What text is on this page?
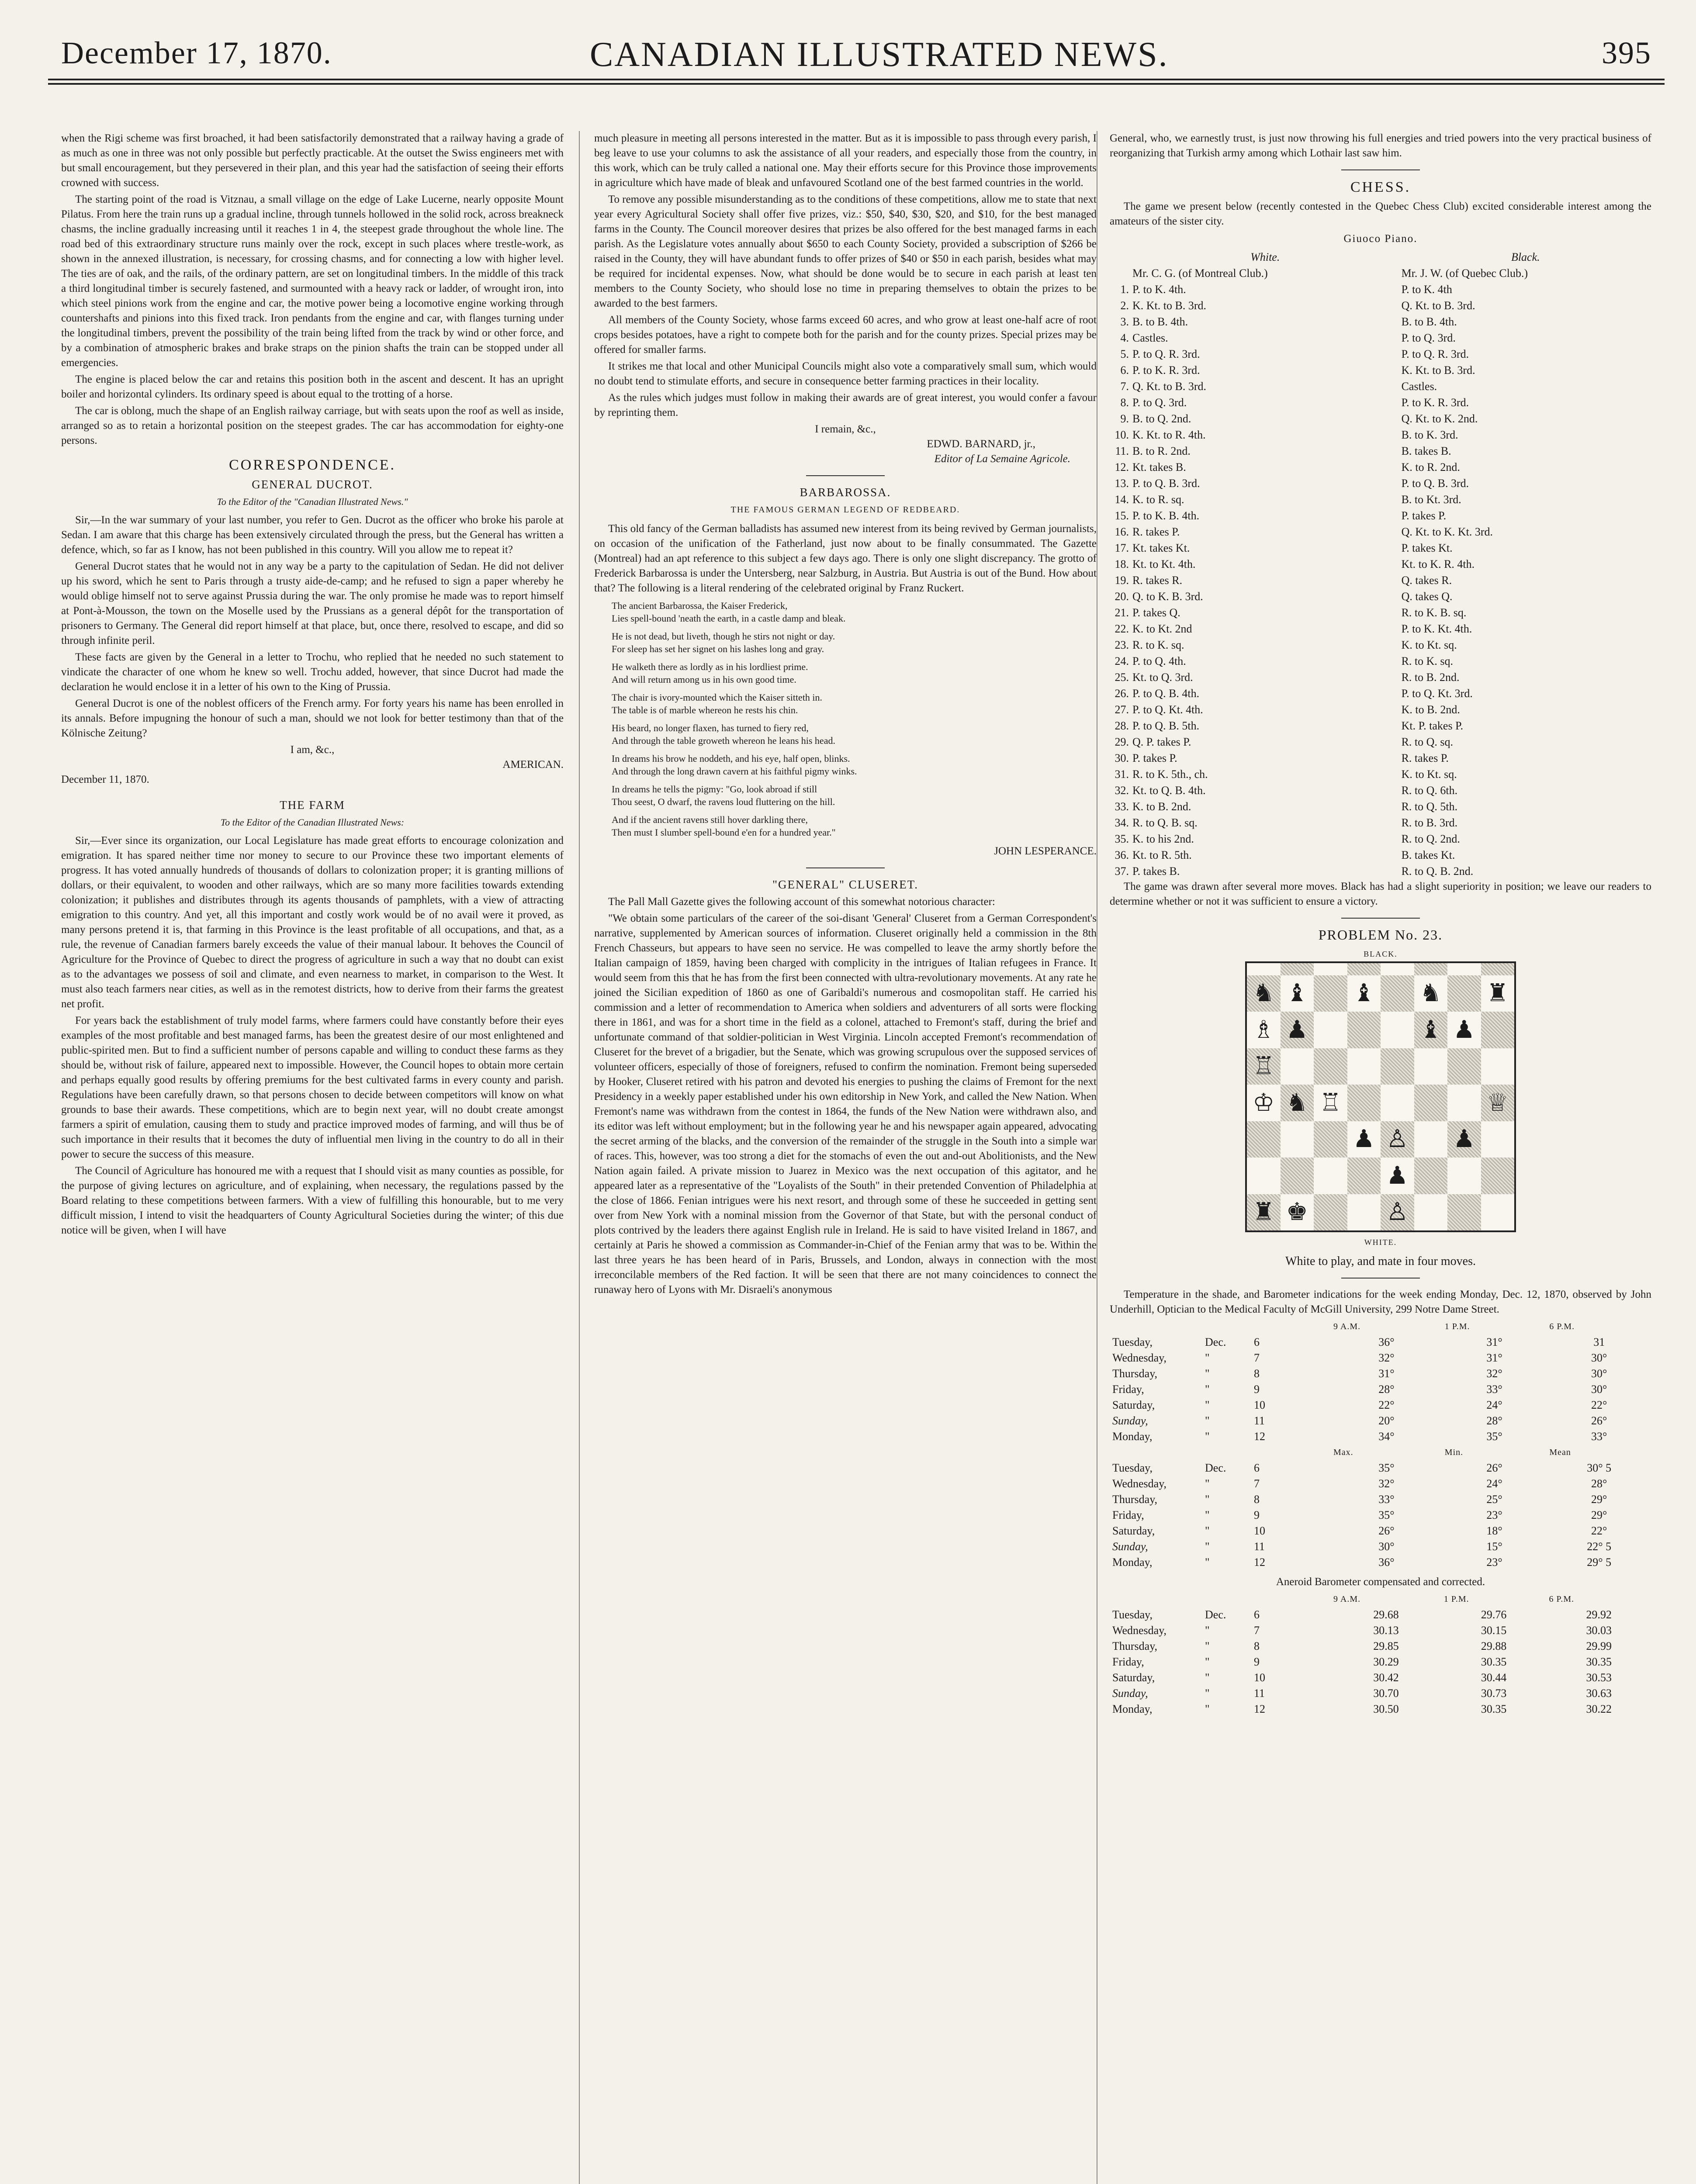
December 17, 1870.	CANADIAN ILLUSTRATED NEWS.	395

when the Rigi scheme was first broached, it had been satisfactorily demonstrated that a railway having a grade of as much as one in three was not only possible but perfectly practicable. At the outset the Swiss engineers met with but small encouragement, but they persevered in their plan, and this year had the satisfaction of seeing their efforts crowned with success.

The starting point of the road is Vitznau, a small village on the edge of Lake Lucerne, nearly opposite Mount Pilatus. From here the train runs up a gradual incline, through tunnels hollowed in the solid rock, across breakneck chasms, the incline gradually increasing until it reaches 1 in 4, the steepest grade throughout the whole line. The road bed of this extraordinary structure runs mainly over the rock, except in such places where trestle-work, as shown in the annexed illustration, is necessary, for crossing chasms, and for connecting a low with higher level. The ties are of oak, and the rails, of the ordinary pattern, are set on longitudinal timbers. In the middle of this track a third longitudinal timber is securely fastened, and surmounted with a heavy rack or ladder, of wrought iron, into which steel pinions work from the engine and car, the motive power being a locomotive engine working through countershafts and pinions into this fixed track. Iron pendants from the engine and car, with flanges turning under the longitudinal timbers, prevent the possibility of the train being lifted from the track by wind or other force, and by a combination of atmospheric brakes and brake straps on the pinion shafts the train can be stopped under all emergencies.

The engine is placed below the car and retains this position both in the ascent and descent. It has an upright boiler and horizontal cylinders. Its ordinary speed is about equal to the trotting of a horse.

The car is oblong, much the shape of an English railway carriage, but with seats upon the roof as well as inside, arranged so as to retain a horizontal position on the steepest grades. The car has accommodation for eighty-one persons.

CORRESPONDENCE.
GENERAL DUCROT.
To the Editor of the "Canadian Illustrated News."

Sir,—In the war summary of your last number, you refer to Gen. Ducrot as the officer who broke his parole at Sedan. I am aware that this charge has been extensively circulated through the press, but the General has written a defence, which, so far as I know, has not been published in this country. Will you allow me to repeat it?

General Ducrot states that he would not in any way be a party to the capitulation of Sedan. He did not deliver up his sword, which he sent to Paris through a trusty aide-de-camp; and he refused to sign a paper whereby he would oblige himself not to serve against Prussia during the war. The only promise he made was to report himself at Pont-à-Mousson, the town on the Moselle used by the Prussians as a general dépôt for the transportation of prisoners to Germany. The General did report himself at that place, but, once there, resolved to escape, and did so through infinite peril.

These facts are given by the General in a letter to Trochu, who replied that he needed no such statement to vindicate the character of one whom he knew so well. Trochu added, however, that since Ducrot had made the declaration he would enclose it in a letter of his own to the King of Prussia.

General Ducrot is one of the noblest officers of the French army. For forty years his name has been enrolled in its annals. Before impugning the honour of such a man, should we not look for better testimony than that of the Kölnische Zeitung?

I am, &c.,
AMERICAN.
December 11, 1870.
THE FARM
To the Editor of the Canadian Illustrated News:

Sir,—Ever since its organization, our Local Legislature has made great efforts to encourage colonization and emigration. It has spared neither time nor money to secure to our Province these two important elements of progress. It has voted annually hundreds of thousands of dollars to colonization proper; it is granting millions of dollars, or their equivalent, to wooden and other railways, which are so many more facilities towards extending colonization; it publishes and distributes through its agents thousands of pamphlets, with a view of attracting emigration to this country. And yet, all this important and costly work would be of no avail were it proved, as many persons pretend it is, that farming in this Province is the least profitable of all occupations, and that, as a rule, the revenue of Canadian farmers barely exceeds the value of their manual labour. It behoves the Council of Agriculture for the Province of Quebec to direct the progress of agriculture in such a way that no doubt can exist as to the advantages we possess of soil and climate, and even nearness to market, in comparison to the West. It must also teach farmers near cities, as well as in the remotest districts, how to derive from their farms the greatest net profit.

For years back the establishment of truly model farms, where farmers could have constantly before their eyes examples of the most profitable and best managed farms, has been the greatest desire of our most enlightened and public-spirited men. But to find a sufficient number of persons capable and willing to conduct these farms as they should be, without risk of failure, appeared next to impossible. However, the Council hopes to obtain more certain and perhaps equally good results by offering premiums for the best cultivated farms in every county and parish. Regulations have been carefully drawn, so that persons chosen to decide between competitors will know on what grounds to base their awards. These competitions, which are to begin next year, will no doubt create amongst farmers a spirit of emulation, causing them to study and practice improved modes of farming, and will thus be of such importance in their results that it becomes the duty of influential men living in the country to do all in their power to secure the success of this measure.

The Council of Agriculture has honoured me with a request that I should visit as many counties as possible, for the purpose of giving lectures on agriculture, and of explaining, when necessary, the regulations passed by the Board relating to these competitions between farmers. With a view of fulfilling this honourable, but to me very difficult mission, I intend to visit the headquarters of County Agricultural Societies during the winter; of this due notice will be given, when I will have

much pleasure in meeting all persons interested in the matter. But as it is impossible to pass through every parish, I beg leave to use your columns to ask the assistance of all your readers, and especially those from the country, in this work, which can be truly called a national one. May their efforts secure for this Province those improvements in agriculture which have made of bleak and unfavoured Scotland one of the best farmed countries in the world.

To remove any possible misunderstanding as to the conditions of these competitions, allow me to state that next year every Agricultural Society shall offer five prizes, viz.: $50, $40, $30, $20, and $10, for the best managed farms in the County. The Council moreover desires that prizes be also offered for the best managed farms in each parish. As the Legislature votes annually about $650 to each County Society, provided a subscription of $266 be raised in the County, they will have abundant funds to offer prizes of $40 or $50 in each parish, besides what may be required for incidental expenses. Now, what should be done would be to secure in each parish at least ten members to the County Society, who should lose no time in preparing themselves to obtain the prizes to be awarded to the best farmers.

All members of the County Society, whose farms exceed 60 acres, and who grow at least one-half acre of root crops besides potatoes, have a right to compete both for the parish and for the county prizes. Special prizes may be offered for smaller farms.

It strikes me that local and other Municipal Councils might also vote a comparatively small sum, which would no doubt tend to stimulate efforts, and secure in consequence better farming practices in their locality.

As the rules which judges must follow in making their awards are of great interest, you would confer a favour by reprinting them.

I remain, &c.,
EDWD. BARNARD, jr.,
Editor of La Semaine Agricole.
BARBAROSSA.
THE FAMOUS GERMAN LEGEND OF REDBEARD.

This old fancy of the German balladists has assumed new interest from its being revived by German journalists, on occasion of the unification of the Fatherland, just now about to be finally consummated. The Gazette (Montreal) had an apt reference to this subject a few days ago. There is only one slight discrepancy. The grotto of Frederick Barbarossa is under the Untersberg, near Salzburg, in Austria. But Austria is out of the Bund. How about that? The following is a literal rendering of the celebrated original by Franz Ruckert.

The ancient Barbarossa, the Kaiser Frederick,
Lies spell-bound 'neath the earth, in a castle damp and bleak.
He is not dead, but liveth, though he stirs not night or day.
For sleep has set her signet on his lashes long and gray.
He walketh there as lordly as in his lordliest prime.
And will return among us in his own good time.
The chair is ivory-mounted which the Kaiser sitteth in.
The table is of marble whereon he rests his chin.
His beard, no longer flaxen, has turned to fiery red,
And through the table groweth whereon he leans his head.
In dreams his brow he noddeth, and his eye, half open, blinks.
And through the long drawn cavern at his faithful pigmy winks.
In dreams he tells the pigmy: "Go, look abroad if still
Thou seest, O dwarf, the ravens loud fluttering on the hill.
And if the ancient ravens still hover darkling there,
Then must I slumber spell-bound e'en for a hundred year."
JOHN LESPERANCE.
"GENERAL" CLUSERET.

The Pall Mall Gazette gives the following account of this somewhat notorious character:

"We obtain some particulars of the career of the soi-disant 'General' Cluseret from a German Correspondent's narrative, supplemented by American sources of information. Cluseret originally held a commission in the 8th French Chasseurs, but appears to have seen no service. He was compelled to leave the army shortly before the Italian campaign of 1859, having been charged with complicity in the intrigues of Italian refugees in France. It would seem from this that he has from the first been connected with ultra-revolutionary movements. At any rate he joined the Sicilian expedition of 1860 as one of Garibaldi's numerous and cosmopolitan staff. He carried his commission and a letter of recommendation to America when soldiers and adventurers of all sorts were flocking there in 1861, and was for a short time in the field as a colonel, attached to Fremont's staff, during the brief and unfortunate command of that soldier-politician in West Virginia. Lincoln accepted Fremont's recommendation of Cluseret for the brevet of a brigadier, but the Senate, which was growing scrupulous over the supposed services of volunteer officers, especially of those of foreigners, refused to confirm the nomination. Fremont being superseded by Hooker, Cluseret retired with his patron and devoted his energies to pushing the claims of Fremont for the next Presidency in a weekly paper established under his own editorship in New York, and called the New Nation. When Fremont's name was withdrawn from the contest in 1864, the funds of the New Nation were withdrawn also, and its editor was left without employment; but in the following year he and his newspaper again appeared, advocating the secret arming of the blacks, and the conversion of the remainder of the struggle in the South into a simple war of races. This, however, was too strong a diet for the stomachs of even the out and-out Abolitionists, and the New Nation again failed. A private mission to Juarez in Mexico was the next occupation of this agitator, and he appeared later as a representative of the "Loyalists of the South" in their pretended Convention of Philadelphia at the close of 1866. Fenian intrigues were his next resort, and through some of these he succeeded in getting sent over from New York with a nominal mission from the Governor of that State, but with the personal conduct of plots contrived by the leaders there against English rule in Ireland. He is said to have visited Ireland in 1867, and certainly at Paris he showed a commission as Commander-in-Chief of the Fenian army that was to be. Within the last three years he has been heard of in Paris, Brussels, and London, always in connection with the most irreconcilable members of the Red faction. It will be seen that there are not many coincidences to connect the runaway hero of Lyons with Mr. Disraeli's anonymous

General, who, we earnestly trust, is just now throwing his full energies and tried powers into the very practical business of reorganizing that Turkish army among which Lothair last saw him.

CHESS.

The game we present below (recently contested in the Quebec Chess Club) excited considerable interest among the amateurs of the sister city.

Giuoco Piano.
	White.	Black.
	Mr. C. G. (of Montreal Club.)	Mr. J. W. (of Quebec Club.)
1.	P. to K. 4th.	P. to K. 4th
2.	K. Kt. to B. 3rd.	Q. Kt. to B. 3rd.
3.	B. to B. 4th.	B. to B. 4th.
4.	Castles.	P. to Q. 3rd.
5.	P. to Q. R. 3rd.	P. to Q. R. 3rd.
6.	P. to K. R. 3rd.	K. Kt. to B. 3rd.
7.	Q. Kt. to B. 3rd.	Castles.
8.	P. to Q. 3rd.	P. to K. R. 3rd.
9.	B. to Q. 2nd.	Q. Kt. to K. 2nd.
10.	K. Kt. to R. 4th.	B. to K. 3rd.
11.	B. to R. 2nd.	B. takes B.
12.	Kt. takes B.	K. to R. 2nd.
13.	P. to Q. B. 3rd.	P. to Q. B. 3rd.
14.	K. to R. sq.	B. to Kt. 3rd.
15.	P. to K. B. 4th.	P. takes P.
16.	R. takes P.	Q. Kt. to K. Kt. 3rd.
17.	Kt. takes Kt.	P. takes Kt.
18.	Kt. to Kt. 4th.	Kt. to K. R. 4th.
19.	R. takes R.	Q. takes R.
20.	Q. to K. B. 3rd.	Q. takes Q.
21.	P. takes Q.	R. to K. B. sq.
22.	K. to Kt. 2nd	P. to K. Kt. 4th.
23.	R. to K. sq.	K. to Kt. sq.
24.	P. to Q. 4th.	R. to K. sq.
25.	Kt. to Q. 3rd.	R. to B. 2nd.
26.	P. to Q. B. 4th.	P. to Q. Kt. 3rd.
27.	P. to Q. Kt. 4th.	K. to B. 2nd.
28.	P. to Q. B. 5th.	Kt. P. takes P.
29.	Q. P. takes P.	R. to Q. sq.
30.	P. takes P.	R. takes P.
31.	R. to K. 5th., ch.	K. to Kt. sq.
32.	Kt. to Q. B. 4th.	R. to Q. 6th.
33.	K. to B. 2nd.	R. to Q. 5th.
34.	R. to Q. B. sq.	R. to B. 3rd.
35.	K. to his 2nd.	R. to Q. 2nd.
36.	Kt. to R. 5th.	B. takes Kt.
37.	P. takes B.	R. to Q. B. 2nd.

The game was drawn after several more moves. Black has had a slight superiority in position; we leave our readers to determine whether or not it was sufficient to ensure a victory.

PROBLEM No. 23.
BLACK.
♞ ♝ ♝ ♞ ♜
♗ ♟	♝ ♟
♖
♔ ♞ ♖	♕
♟ ♙ ♟
♟
♜ ♚	♙
WHITE.
White to play, and mate in four moves.

Temperature in the shade, and Barometer indications for the week ending Monday, Dec. 12, 1870, observed by John Underhill, Optician to the Medical Faculty of McGill University, 299 Notre Dame Street.

			9 A.M.	1 P.M.	6 P.M.
Tuesday,	Dec.	6	36°	31°	31
Wednesday,	"	7	32°	31°	30°
Thursday,	"	8	31°	32°	30°
Friday,	"	9	28°	33°	30°
Saturday,	"	10	22°	24°	22°
Sunday,	"	11	20°	28°	26°
Monday,	"	12	34°	35°	33°
			Max.	Min.	Mean
Tuesday,	Dec.	6	35°	26°	30° 5
Wednesday,	"	7	32°	24°	28°
Thursday,	"	8	33°	25°	29°
Friday,	"	9	35°	23°	29°
Saturday,	"	10	26°	18°	22°
Sunday,	"	11	30°	15°	22° 5
Monday,	"	12	36°	23°	29° 5
Aneroid Barometer compensated and corrected.
			9 A.M.	1 P.M.	6 P.M.
Tuesday,	Dec.	6	29.68	29.76	29.92
Wednesday,	"	7	30.13	30.15	30.03
Thursday,	"	8	29.85	29.88	29.99
Friday,	"	9	30.29	30.35	30.35
Saturday,	"	10	30.42	30.44	30.53
Sunday,	"	11	30.70	30.73	30.63
Monday,	"	12	30.50	30.35	30.22
